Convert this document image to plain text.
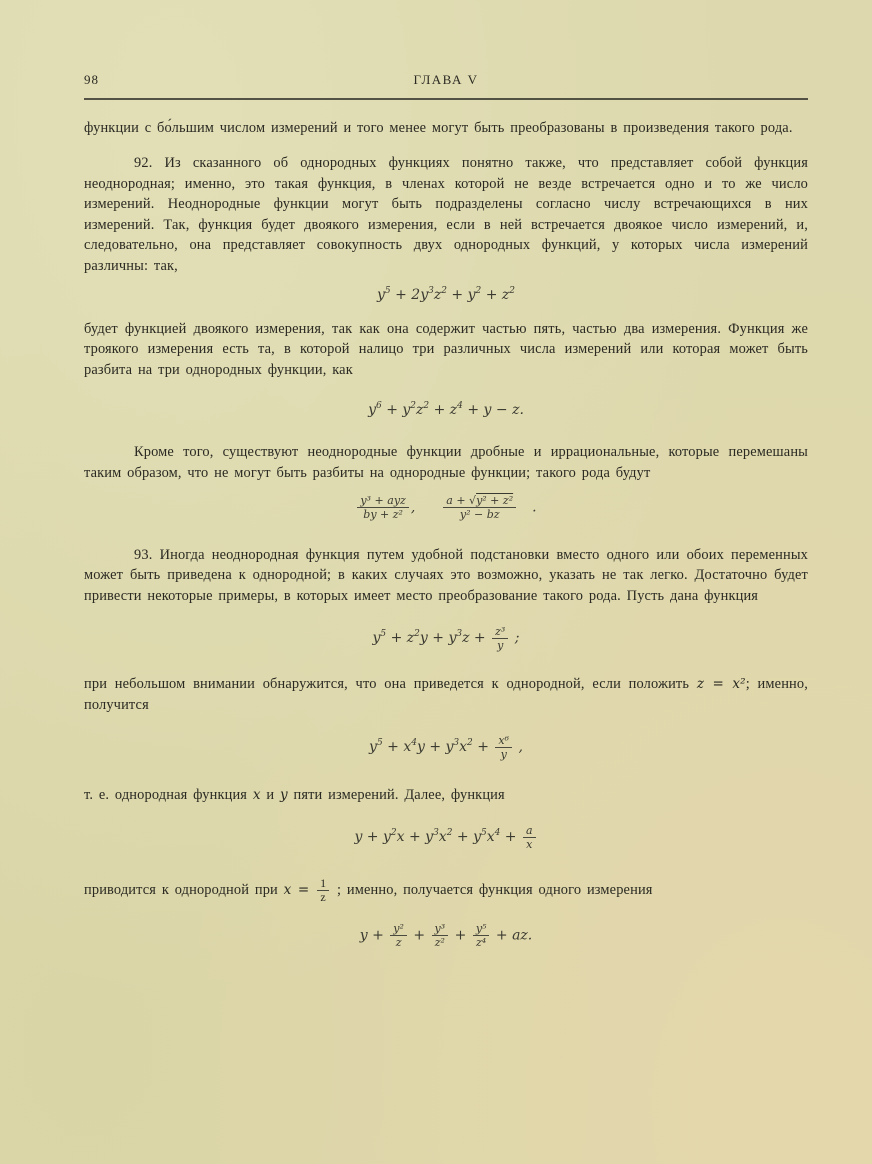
98	ГЛАВА V

функции с бо́льшим числом измерений и того менее могут быть преобразованы в произведения такого рода.

92. Из сказанного об однородных функциях понятно также, что представляет собой функция неоднородная; именно, это такая функция, в членах которой не везде встречается одно и то же число измерений. Неоднородные функции могут быть подразделены согласно числу встречающихся в них измерений. Так, функция будет двоякого измерения, если в ней встречается двоякое число измерений, и, следовательно, она представляет совокупность двух однородных функций, у которых числа измерений различны: так,

$y^5 + 2y^3z^2 + y^2 + z^2$

будет функцией двоякого измерения, так как она содержит частью пять, частью два измерения. Функция же троякого измерения есть та, в которой налицо три различных числа измерений или которая может быть разбита на три однородных функции, как

$y^6 + y^2z^2 + z^4 + y - z$.

Кроме того, существуют неоднородные функции дробные и иррациональные, которые перемешаны таким образом, что не могут быть разбиты на однородные функции; такого рода будут

$\frac{\text{y³ + ayz}}{\text{by + z²}}$ ,	$\frac{\text{a + √y² + z²}}{\text{y² − bz}}$ .

93. Иногда неоднородная функция путем удобной подстановки вместо одного или обоих переменных может быть приведена к однородной; в каких случаях это возможно, указать не так легко. Достаточно будет привести некоторые примеры, в которых имеет место преобразование такого рода. Пусть дана функция

$y^5 + z^2y + y^3z + \frac{\text{z³}}{y}$ ;

при небольшом внимании обнаружится, что она приведется к однородной, если положить z = x²; именно, получится

$y^5 + x^4y + y^3x^2 + \frac{\text{x⁶}}{y}$ ,

т. е. однородная функция x и y пяти измерений. Далее, функция

$y + y^2x + y^3x^2 + y^5x^4 + \frac{a}{x}$

приводится к однородной при $x = \frac{1}{z}$ ; именно, получается функция одного измерения

$y + \frac{\text{y²}}{z} + \frac{\text{y³}}{\text{z²}} + \frac{\text{y⁵}}{\text{z⁴}}$ + az.
